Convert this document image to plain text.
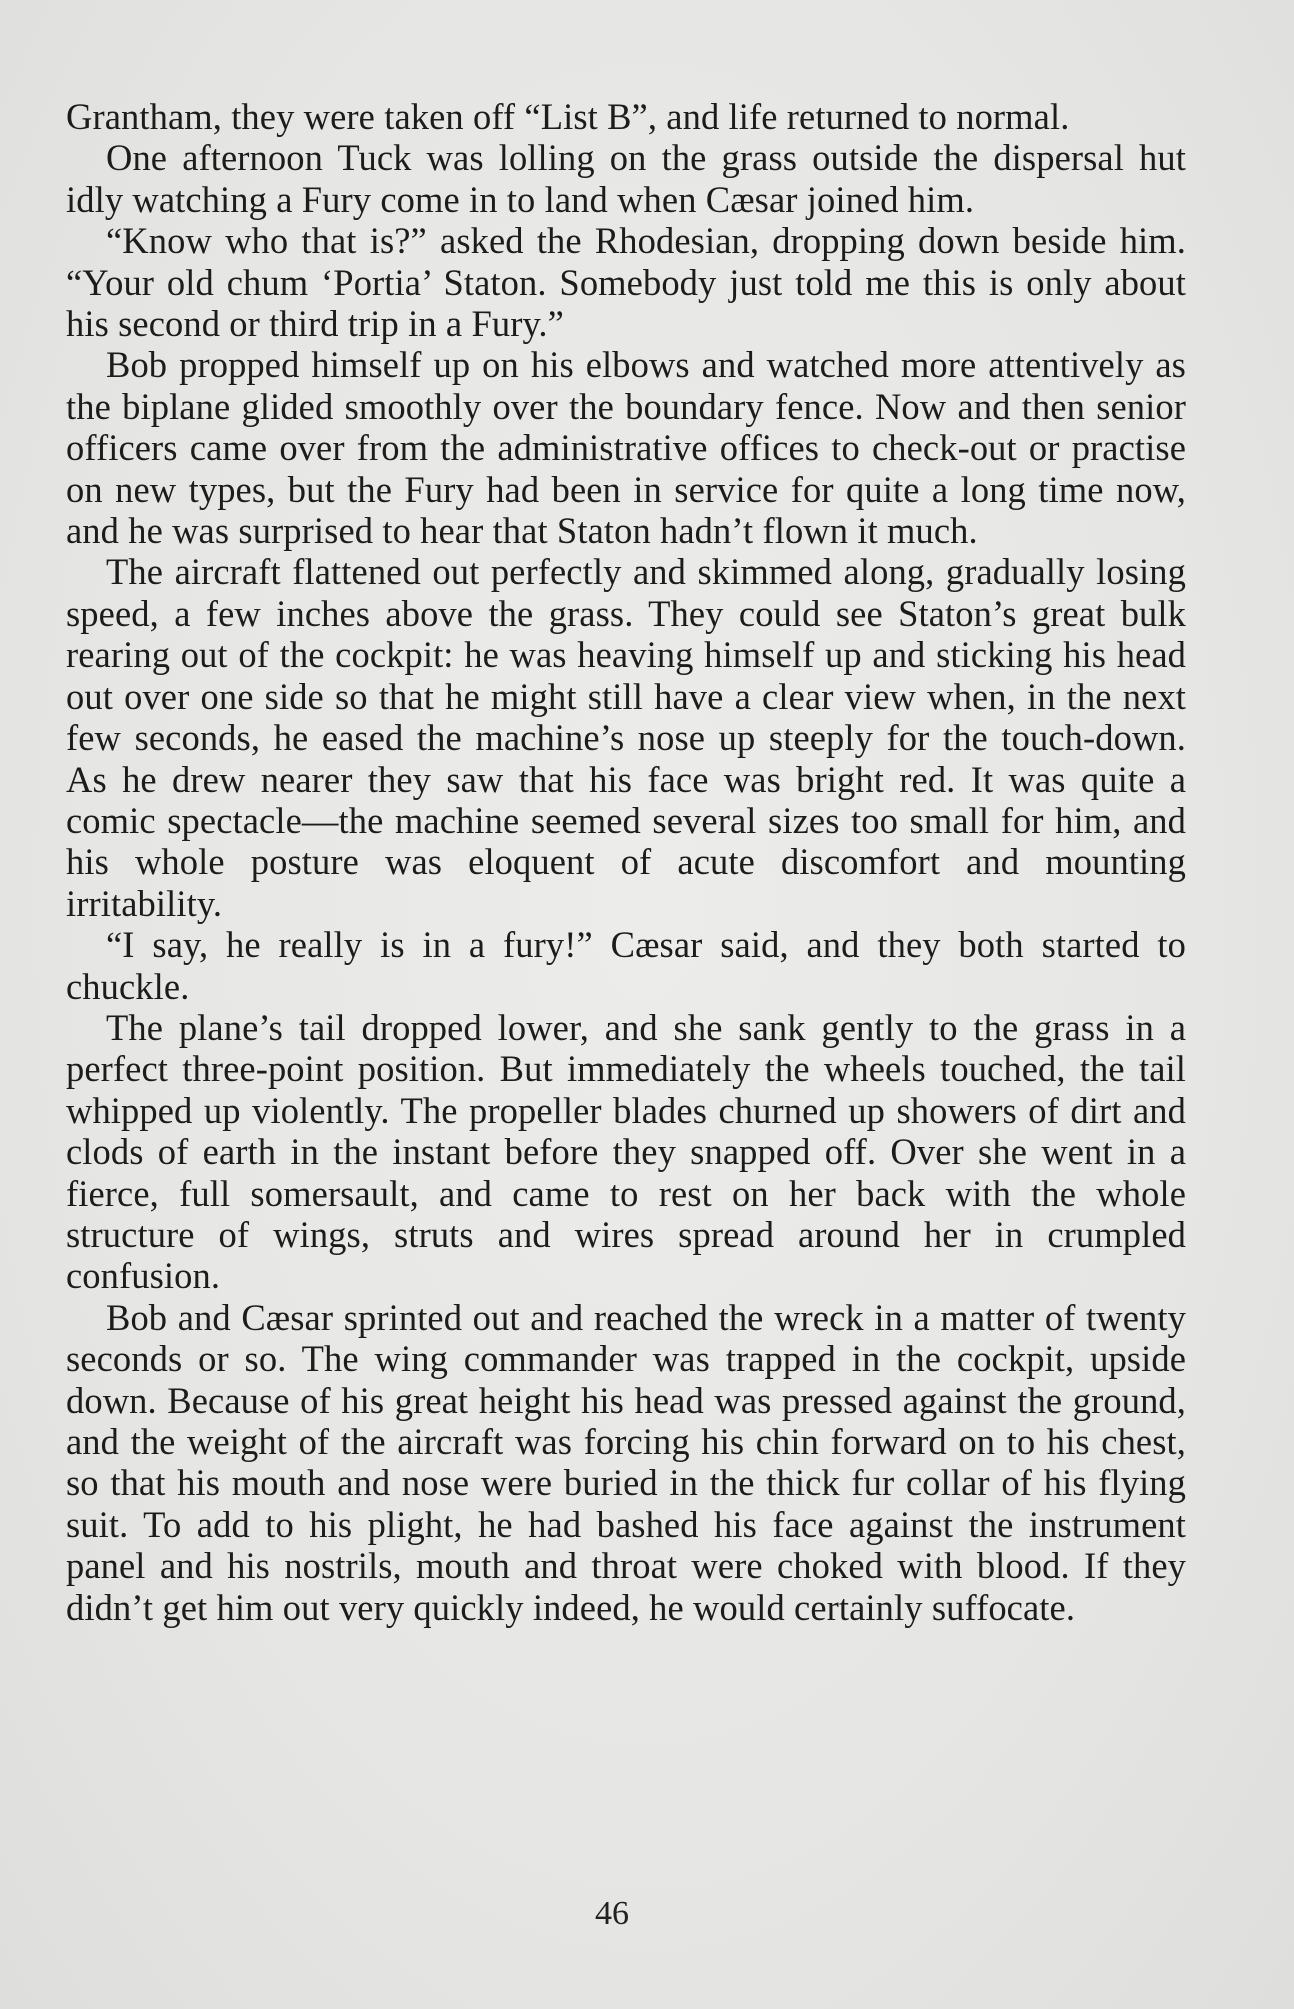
Grantham, they were taken off “List B”, and life returned to normal.

One afternoon Tuck was lolling on the grass outside the dispersal hut idly watching a Fury come in to land when Cæsar joined him.

“Know who that is?” asked the Rhodesian, dropping down beside him. “Your old chum ‘Portia’ Staton. Somebody just told me this is only about his second or third trip in a Fury.”

Bob propped himself up on his elbows and watched more attentively as the biplane glided smoothly over the boundary fence. Now and then senior officers came over from the administrative offices to check-out or practise on new types, but the Fury had been in service for quite a long time now, and he was surprised to hear that Staton hadn’t flown it much.

The aircraft flattened out perfectly and skimmed along, gradually losing speed, a few inches above the grass. They could see Staton’s great bulk rearing out of the cockpit: he was heaving himself up and sticking his head out over one side so that he might still have a clear view when, in the next few seconds, he eased the machine’s nose up steeply for the touch-down. As he drew nearer they saw that his face was bright red. It was quite a comic spectacle—the machine seemed several sizes too small for him, and his whole posture was eloquent of acute discomfort and mounting irritability.

“I say, he really is in a fury!” Cæsar said, and they both started to chuckle.

The plane’s tail dropped lower, and she sank gently to the grass in a perfect three-point position. But immediately the wheels touched, the tail whipped up violently. The propeller blades churned up showers of dirt and clods of earth in the instant before they snapped off. Over she went in a fierce, full somersault, and came to rest on her back with the whole structure of wings, struts and wires spread around her in crumpled confusion.

Bob and Cæsar sprinted out and reached the wreck in a matter of twenty seconds or so. The wing commander was trapped in the cockpit, upside down. Because of his great height his head was pressed against the ground, and the weight of the aircraft was forcing his chin forward on to his chest, so that his mouth and nose were buried in the thick fur collar of his flying suit. To add to his plight, he had bashed his face against the instrument panel and his nostrils, mouth and throat were choked with blood. If they didn’t get him out very quickly indeed, he would certainly suffocate.

46
